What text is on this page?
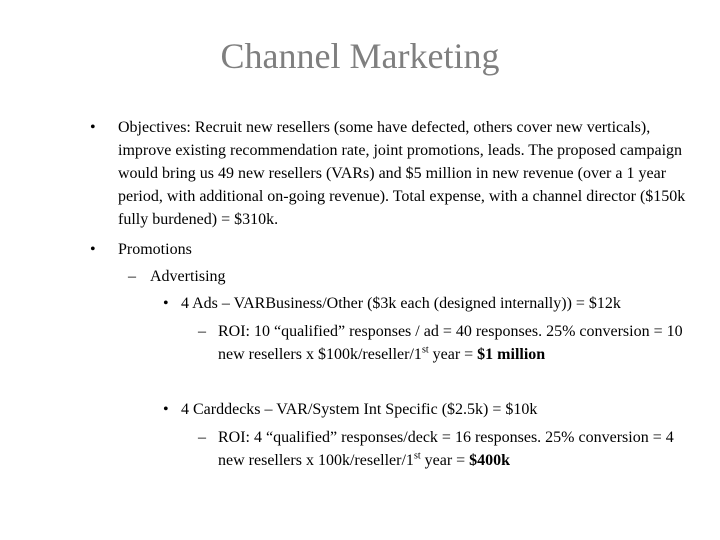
Channel Marketing
• Objectives: Recruit new resellers (some have defected, others cover new verticals), improve existing recommendation rate, joint promotions, leads. The proposed campaign would bring us 49 new resellers (VARs) and $5 million in new revenue (over a 1 year period, with additional on-going revenue). Total expense, with a channel director ($150k fully burdened) = $310k.
• Promotions
– Advertising
• 4 Ads – VARBusiness/Other ($3k each (designed internally)) = $12k
– ROI: 10 “qualified” responses / ad = 40 responses. 25% conversion = 10 new resellers x $100k/reseller/1st year = $1 million
• 4 Carddecks – VAR/System Int Specific ($2.5k) = $10k
– ROI: 4 “qualified” responses/deck = 16 responses. 25% conversion = 4 new resellers x 100k/reseller/1st year = $400k
